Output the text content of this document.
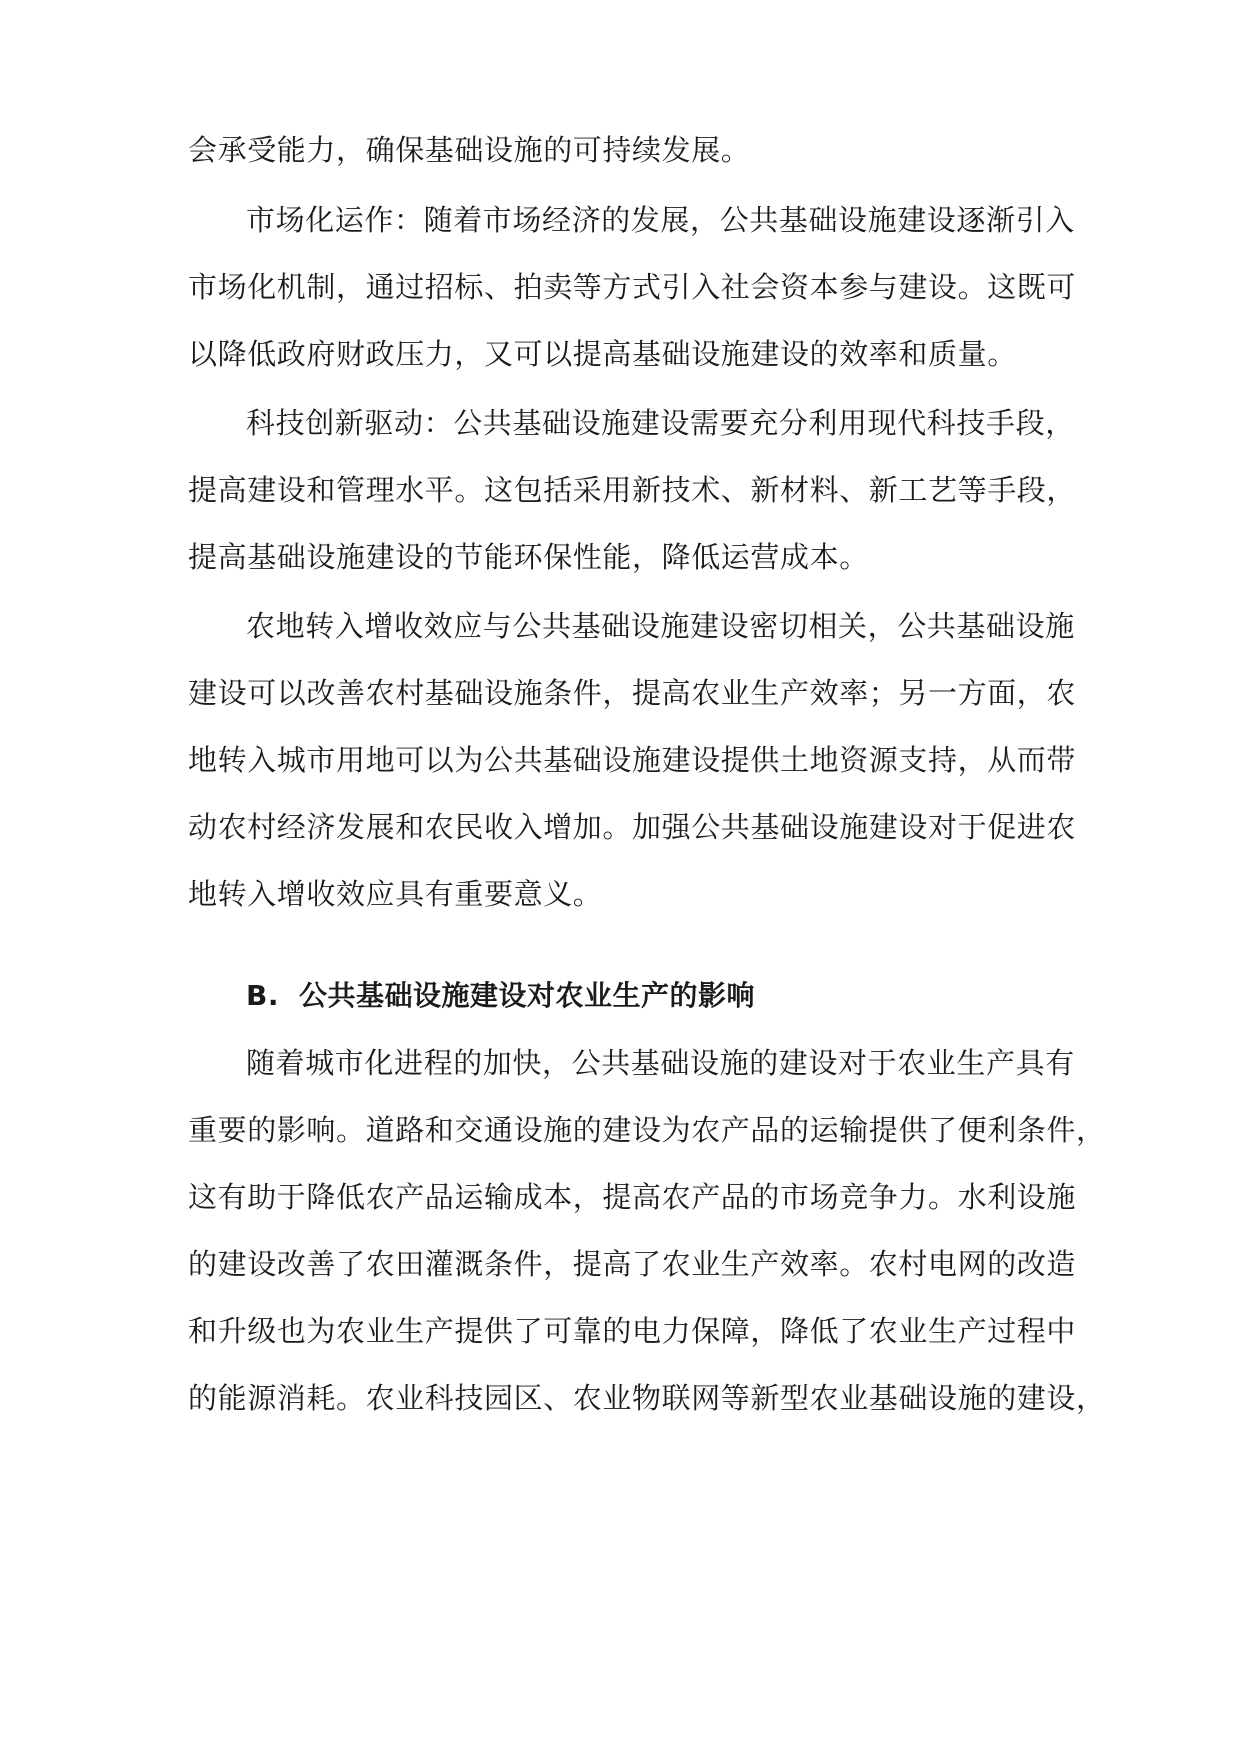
会承受能力，确保基础设施的可持续发展。

市场化运作：随着市场经济的发展，公共基础设施建设逐渐引入

市场化机制，通过招标、拍卖等方式引入社会资本参与建设。这既可

以降低政府财政压力，又可以提高基础设施建设的效率和质量。

科技创新驱动：公共基础设施建设需要充分利用现代科技手段，

提高建设和管理水平。这包括采用新技术、新材料、新工艺等手段，

提高基础设施建设的节能环保性能，降低运营成本。

农地转入增收效应与公共基础设施建设密切相关，公共基础设施

建设可以改善农村基础设施条件，提高农业生产效率；另一方面，农

地转入城市用地可以为公共基础设施建设提供土地资源支持，从而带

动农村经济发展和农民收入增加。加强公共基础设施建设对于促进农

地转入增收效应具有重要意义。

B. 公共基础设施建设对农业生产的影响

随着城市化进程的加快，公共基础设施的建设对于农业生产具有

重要的影响。道路和交通设施的建设为农产品的运输提供了便利条件，

这有助于降低农产品运输成本，提高农产品的市场竞争力。水利设施

的建设改善了农田灌溉条件，提高了农业生产效率。农村电网的改造

和升级也为农业生产提供了可靠的电力保障，降低了农业生产过程中

的能源消耗。农业科技园区、农业物联网等新型农业基础设施的建设，
